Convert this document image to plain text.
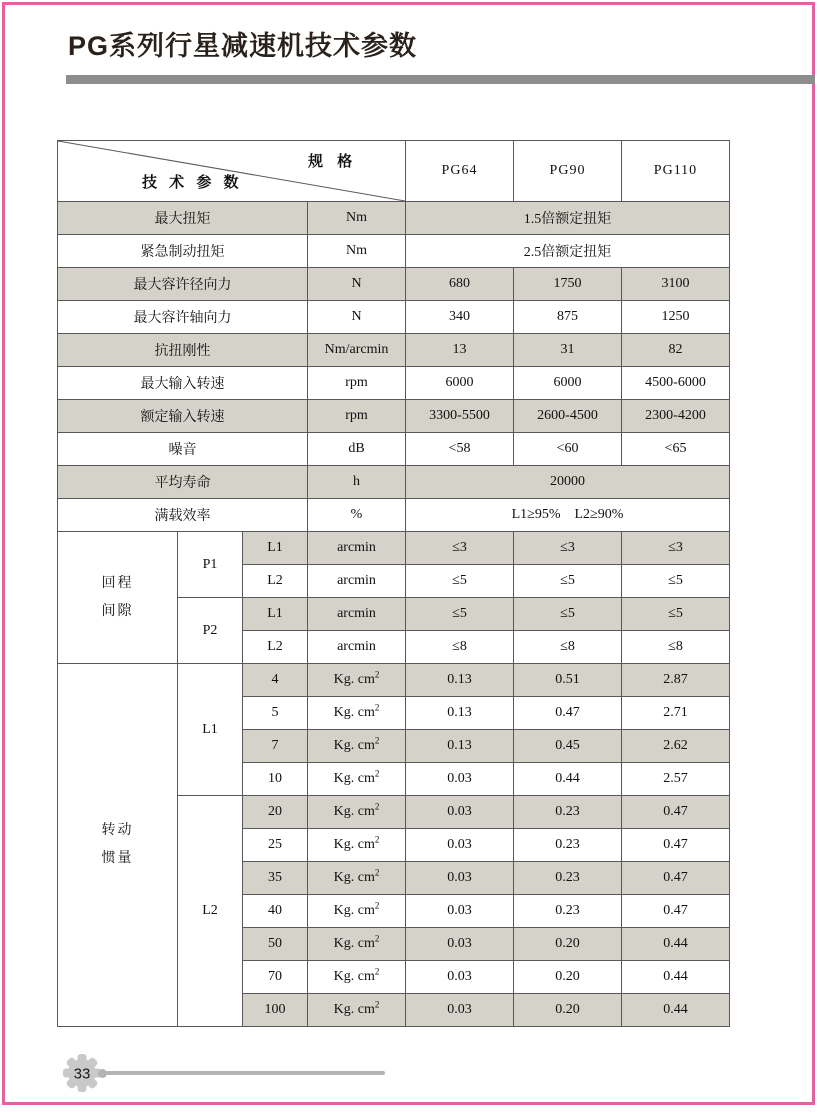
PG系列行星减速机技术参数
规 格
技 术 参 数				PG64	PG90	PG110
最大扭矩			Nm	1.5倍额定扭矩		
紧急制动扭矩			Nm	2.5倍额定扭矩		
最大容许径向力			N	680	1750	3100
最大容许轴向力			N	340	875	1250
抗扭刚性			Nm/arcmin	13	31	82
最大输入转速			rpm	6000	6000	4500-6000
额定输入转速			rpm	3300-5500	2600-4500	2300-4200
噪音			dB	<58	<60	<65
平均寿命			h	20000		
满载效率			%	L1≥95%    L2≥90%		

回程
间隙	P1	L1	arcmin	≤3	≤3	≤3
		L2	arcmin	≤5	≤5	≤5
	P2	L1	arcmin	≤5	≤5	≤5
		L2	arcmin	≤8	≤8	≤8

转动
惯量	L1	4	Kg. $cm^2$	0.13	0.51	2.87
		5	Kg. $cm^2$	0.13	0.47	2.71
		7	Kg. $cm^2$	0.13	0.45	2.62
		10	Kg. $cm^2$	0.03	0.44	2.57
	L2	20	Kg. $cm^2$	0.03	0.23	0.47
		25	Kg. $cm^2$	0.03	0.23	0.47
		35	Kg. $cm^2$	0.03	0.23	0.47
		40	Kg. $cm^2$	0.03	0.23	0.47
		50	Kg. $cm^2$	0.03	0.20	0.44
		70	Kg. $cm^2$	0.03	0.20	0.44
		100	Kg. $cm^2$	0.03	0.20	0.44
33
